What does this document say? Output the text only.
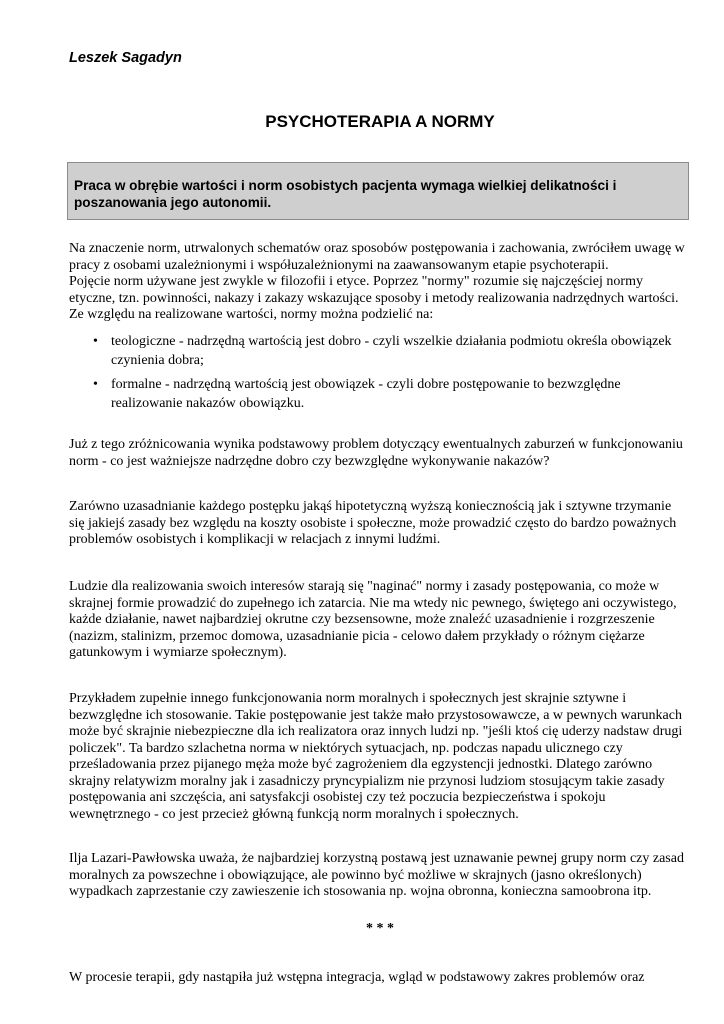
Leszek Sagadyn
PSYCHOTERAPIA A NORMY
Praca w obrębie wartości i norm osobistych pacjenta wymaga wielkiej delikatności i poszanowania jego autonomii.

Na znaczenie norm, utrwalonych schematów oraz sposobów postępowania i zachowania, zwróciłem uwagę w pracy z osobami uzależnionymi i współuzależnionymi na zaawansowanym etapie psychoterapii.

Pojęcie norm używane jest zwykle w filozofii i etyce. Poprzez "normy" rozumie się najczęściej normy etyczne, tzn. powinności, nakazy i zakazy wskazujące sposoby i metody realizowania nadrzędnych wartości. Ze względu na realizowane wartości, normy można podzielić na:

• teologiczne - nadrzędną wartością jest dobro - czyli wszelkie działania podmiotu określa obowiązek czynienia dobra;
• formalne - nadrzędną wartością jest obowiązek - czyli dobre postępowanie to bezwzględne realizowanie nakazów obowiązku.

Już z tego zróżnicowania wynika podstawowy problem dotyczący ewentualnych zaburzeń w funkcjonowaniu norm - co jest ważniejsze nadrzędne dobro czy bezwzględne wykonywanie nakazów?

Zarówno uzasadnianie każdego postępku jakąś hipotetyczną wyższą koniecznością jak i sztywne trzymanie się jakiejś zasady bez względu na koszty osobiste i społeczne, może prowadzić często do bardzo poważnych problemów osobistych i komplikacji w relacjach z innymi ludźmi.

Ludzie dla realizowania swoich interesów starają się "naginać" normy i zasady postępowania, co może w skrajnej formie prowadzić do zupełnego ich zatarcia. Nie ma wtedy nic pewnego, świętego ani oczywistego, każde działanie, nawet najbardziej okrutne czy bezsensowne, może znaleźć uzasadnienie i rozgrzeszenie (nazizm, stalinizm, przemoc domowa, uzasadnianie picia - celowo dałem przykłady o różnym ciężarze gatunkowym i wymiarze społecznym).

Przykładem zupełnie innego funkcjonowania norm moralnych i społecznych jest skrajnie sztywne i bezwzględne ich stosowanie. Takie postępowanie jest także mało przystosowawcze, a w pewnych warunkach może być skrajnie niebezpieczne dla ich realizatora oraz innych ludzi np. "jeśli ktoś cię uderzy nadstaw drugi policzek". Ta bardzo szlachetna norma w niektórych sytuacjach, np. podczas napadu ulicznego czy prześladowania przez pijanego męża może być zagrożeniem dla egzystencji jednostki. Dlatego zarówno skrajny relatywizm moralny jak i zasadniczy pryncypializm nie przynosi ludziom stosującym takie zasady postępowania ani szczęścia, ani satysfakcji osobistej czy też poczucia bezpieczeństwa i spokoju wewnętrznego - co jest przecież główną funkcją norm moralnych i społecznych.

Ilja Lazari-Pawłowska uważa, że najbardziej korzystną postawą jest uznawanie pewnej grupy norm czy zasad moralnych za powszechne i obowiązujące, ale powinno być możliwe w skrajnych (jasno określonych) wypadkach zaprzestanie czy zawieszenie ich stosowania np. wojna obronna, konieczna samoobrona itp.

* * *

W procesie terapii, gdy nastąpiła już wstępna integracja, wgląd w podstawowy zakres problemów oraz
